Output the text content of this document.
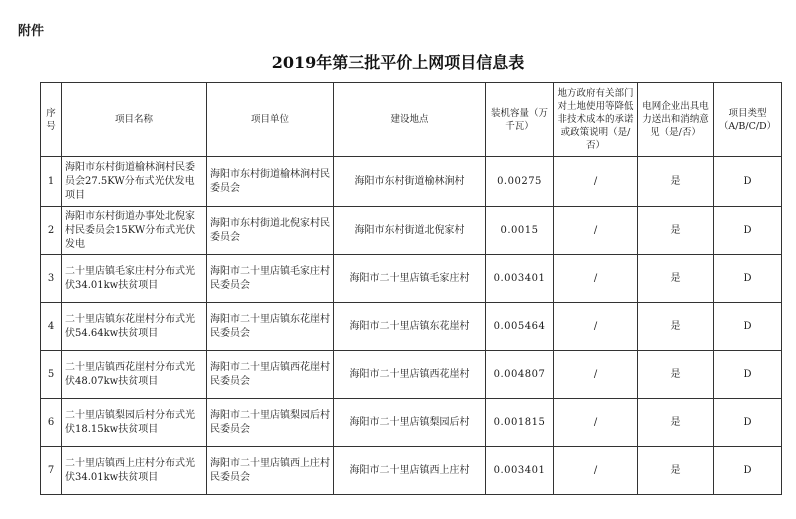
附件
2019年第三批平价上网项目信息表
序号	项目名称	项目单位	建设地点	装机容量（万千瓦）	地方政府有关部门对土地使用等降低非技术成本的承诺或政策说明（是/否）	电网企业出具电力送出和消纳意见（是/否）	项目类型（A/B/C/D）
1	海阳市东村街道榆林涧村民委员会27.5KW分布式光伏发电项目	海阳市东村街道榆林涧村民委员会	海阳市东村街道榆林涧村	0.00275	/	是	D
2	海阳市东村街道办事处北倪家村民委员会15KW分布式光伏发电	海阳市东村街道北倪家村民委员会	海阳市东村街道北倪家村	0.0015	/	是	D
3	二十里店镇毛家庄村分布式光伏34.01kw扶贫项目	海阳市二十里店镇毛家庄村民委员会	海阳市二十里店镇毛家庄村	0.003401	/	是	D
4	二十里店镇东花崖村分布式光伏54.64kw扶贫项目	海阳市二十里店镇东花崖村民委员会	海阳市二十里店镇东花崖村	0.005464	/	是	D
5	二十里店镇西花崖村分布式光伏48.07kw扶贫项目	海阳市二十里店镇西花崖村民委员会	海阳市二十里店镇西花崖村	0.004807	/	是	D
6	二十里店镇梨园后村分布式光伏18.15kw扶贫项目	海阳市二十里店镇梨园后村民委员会	海阳市二十里店镇梨园后村	0.001815	/	是	D
7	二十里店镇西上庄村分布式光伏34.01kw扶贫项目	海阳市二十里店镇西上庄村民委员会	海阳市二十里店镇西上庄村	0.003401	/	是	D
